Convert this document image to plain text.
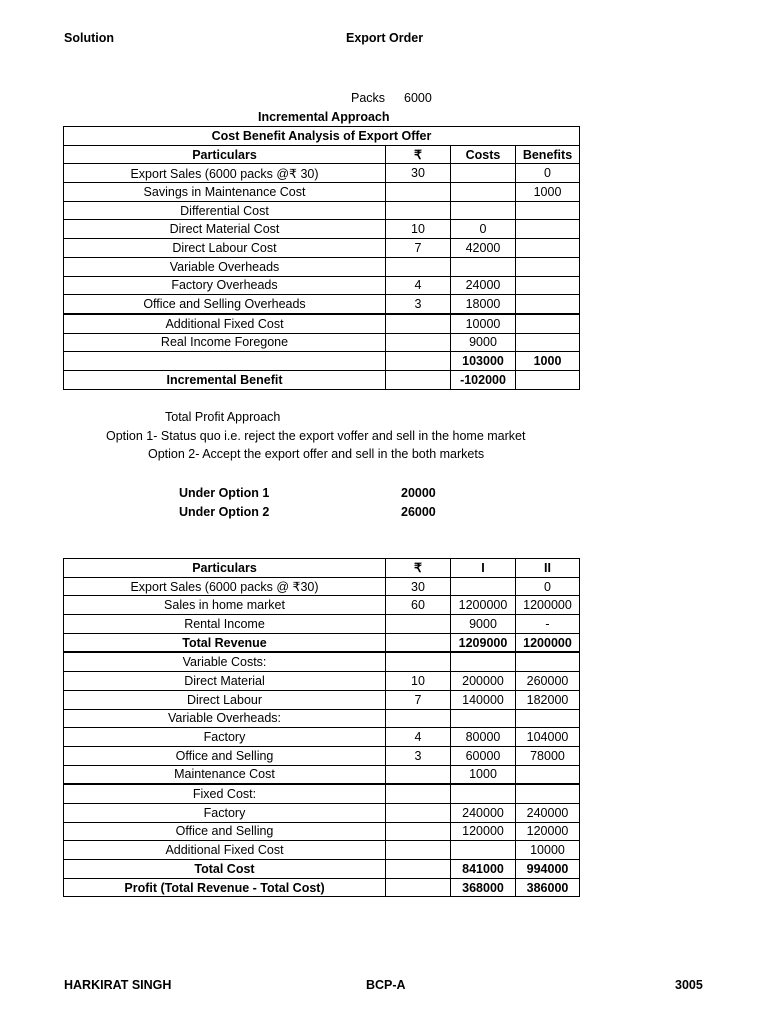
Solution	Export Order
Packs 6000
Incremental Approach
Cost Benefit Analysis of Export Offer			
Particulars	₹	Costs	Benefits
Export Sales (6000 packs @₹ 30)	30		0
Savings in Maintenance Cost			1000
Differential Cost			
Direct Material Cost	10	0	
Direct Labour Cost	7	42000	
Variable Overheads			
Factory Overheads	4	24000	
Office and Selling Overheads	3	18000	
Additional Fixed Cost		10000	
Real Income Foregone		9000	
		103000	1000
Incremental Benefit		-102000	
Total Profit Approach
Option 1- Status quo i.e. reject the export voffer and sell in the home market
Option 2- Accept the export offer and sell in the both markets
Under Option 1	20000
Under Option 2	26000
Particulars	₹	I	II
Export Sales (6000 packs @ ₹30)	30		0
Sales in home market	60	1200000	1200000
Rental Income		9000	-
Total Revenue		1209000	1200000
Variable Costs:			
Direct Material	10	200000	260000
Direct Labour	7	140000	182000
Variable Overheads:			
Factory	4	80000	104000
Office and Selling	3	60000	78000
Maintenance Cost		1000	
Fixed Cost:			
Factory		240000	240000
Office and Selling		120000	120000
Additional Fixed Cost			10000
Total Cost		841000	994000
Profit (Total Revenue - Total Cost)		368000	386000
HARKIRAT SINGH	BCP-A	3005
